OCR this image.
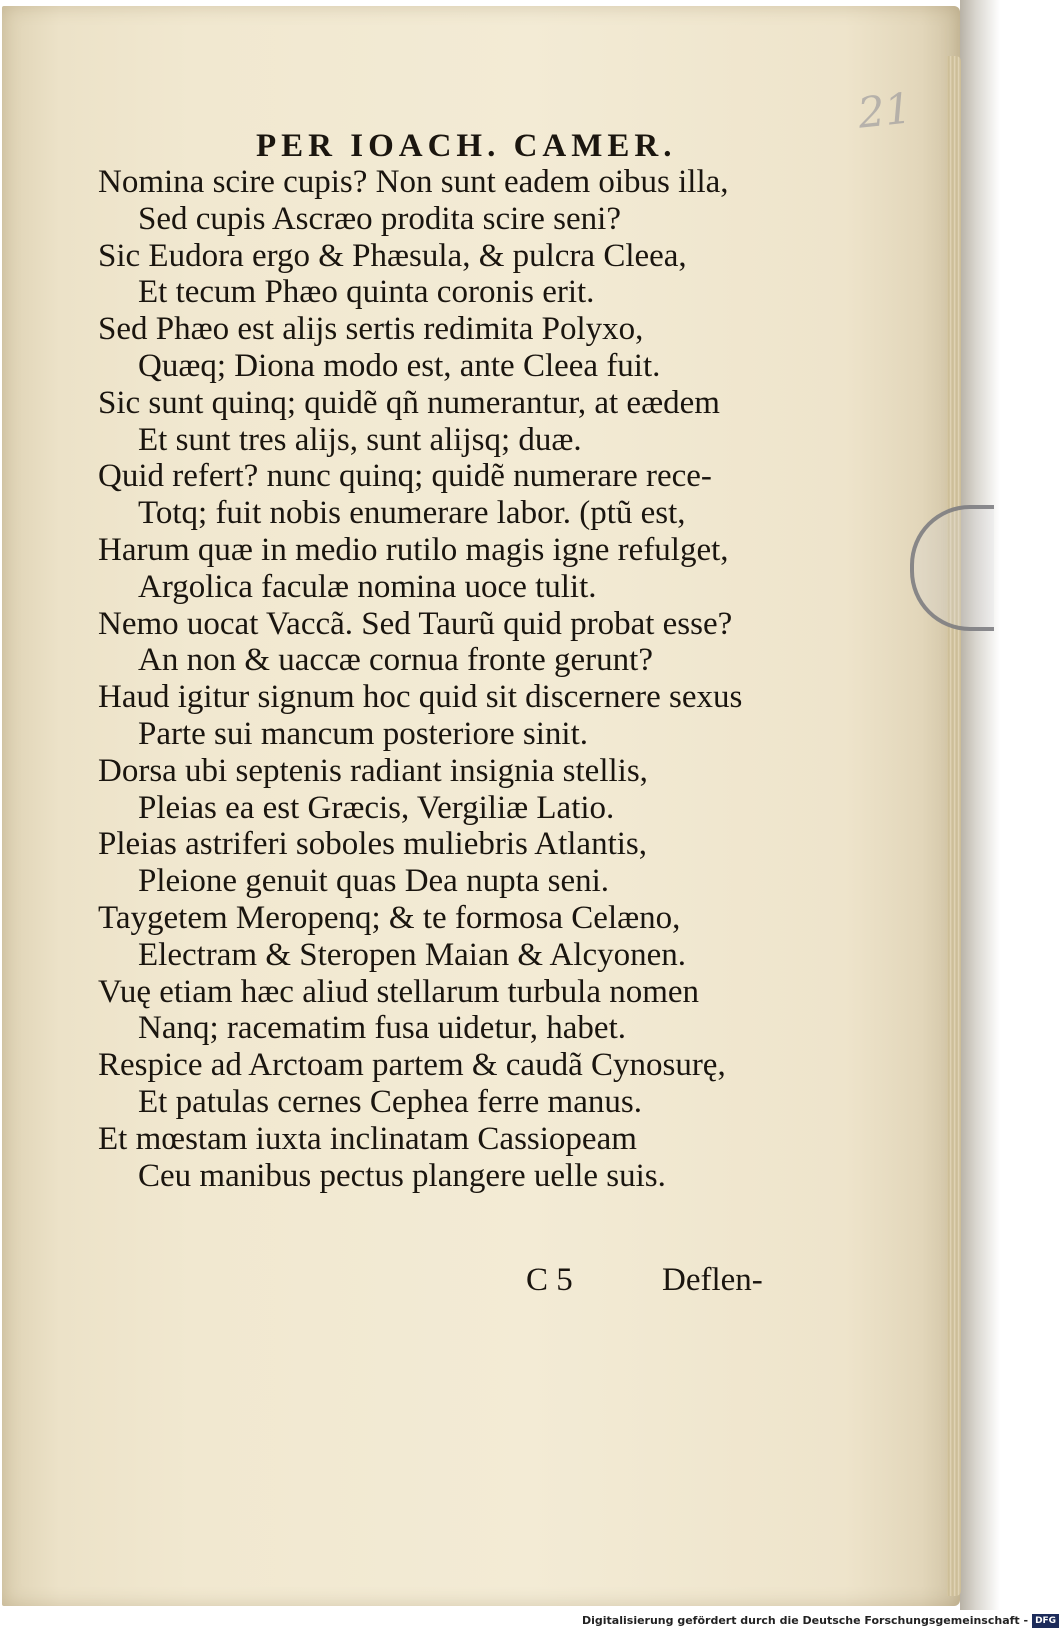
21
PER IOACH. CAMER.
Nomina scire cupis? Non sunt eadem oibus illa,
Sed cupis Ascræo prodita scire seni?
Sic Eudora ergo & Phæsula, & pulcra Cleea,
Et tecum Phæo quinta coronis erit.
Sed Phæo est alijs sertis redimita Polyxo,
Quæq; Diona modo est, ante Cleea fuit.
Sic sunt quinq; quidẽ qñ numerantur, at eædem
Et sunt tres alijs, sunt alijsq; duæ.
Quid refert? nunc quinq; quidẽ numerare rece-
Totq; fuit nobis enumerare labor. (ptũ est,
Harum quæ in medio rutilo magis igne refulget,
Argolica faculæ nomina uoce tulit.
Nemo uocat Vaccã. Sed Taurũ quid probat esse?
An non & uaccæ cornua fronte gerunt?
Haud igitur signum hoc quid sit discernere sexus
Parte sui mancum posteriore sinit.
Dorsa ubi septenis radiant insignia stellis,
Pleias ea est Græcis, Vergiliæ Latio.
Pleias astriferi soboles muliebris Atlantis,
Pleione genuit quas Dea nupta seni.
Taygetem Meropenq; & te formosa Celæno,
Electram & Steropen Maian & Alcyonen.
Vuę etiam hæc aliud stellarum turbula nomen
Nanq; racematim fusa uidetur, habet.
Respice ad Arctoam partem & caudã Cynosurę,
Et patulas cernes Cephea ferre manus.
Et mœstam iuxta inclinatam Cassiopeam
Ceu manibus pectus plangere uelle suis.
C 5	Deflen-
Digitalisierung gefördert durch die Deutsche Forschungsgemeinschaft - DFG
